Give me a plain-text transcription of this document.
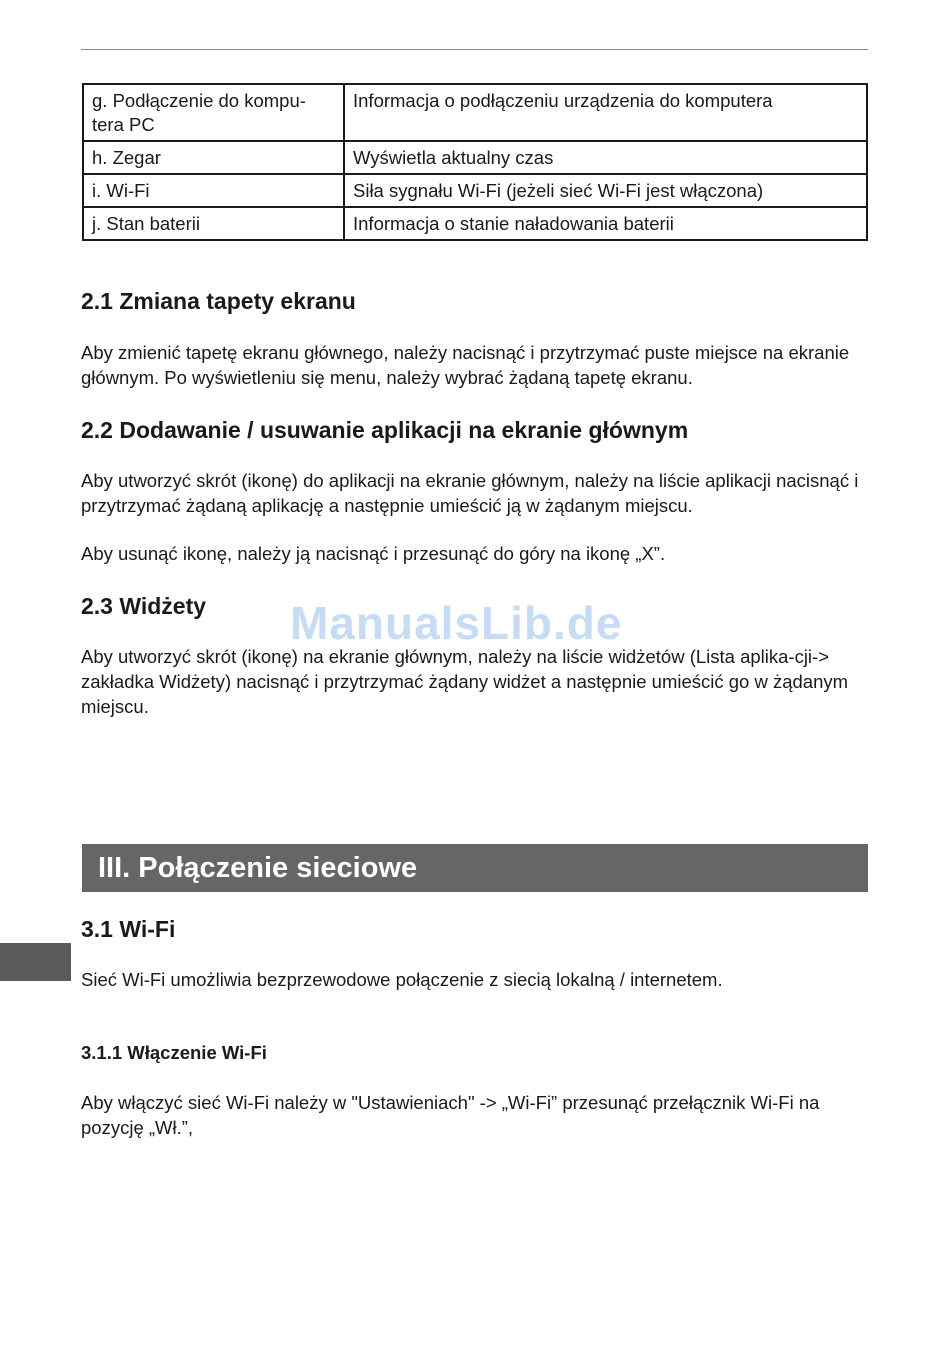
g. Podłączenie do kompu-
tera PC	Informacja o podłączeniu urządzenia do komputera
h. Zegar	Wyświetla aktualny czas
i. Wi-Fi	Siła sygnału Wi-Fi (jeżeli sieć Wi-Fi jest włączona)
j. Stan baterii	Informacja o stanie naładowania baterii
2.1 Zmiana tapety ekranu

Aby zmienić tapetę ekranu głównego, należy nacisnąć i przytrzymać puste miejsce na ekranie głównym. Po wyświetleniu się menu, należy wybrać żądaną tapetę ekranu.

2.2 Dodawanie / usuwanie aplikacji na ekranie głównym

Aby utworzyć skrót (ikonę) do aplikacji na ekranie głównym, należy na liście aplikacji nacisnąć i przytrzymać żądaną aplikację a następnie umieścić ją w żądanym miejscu.

Aby usunąć ikonę, należy ją nacisnąć i przesunąć do góry na ikonę „X”.

2.3 Widżety ManualsLib.de

Aby utworzyć skrót (ikonę) na ekranie głównym, należy na liście widżetów (Lista aplika-cji-> zakładka Widżety) nacisnąć i przytrzymać żądany widżet a następnie umieścić go w żądanym miejscu.

III. Połączenie sieciowe
3.1 Wi-Fi

Sieć Wi-Fi umożliwia bezprzewodowe połączenie z siecią lokalną / internetem.

3.1.1 Włączenie Wi-Fi

Aby włączyć sieć Wi-Fi należy w "Ustawieniach" -> „Wi-Fi” przesunąć przełącznik Wi-Fi na pozycję „Wł.”,
